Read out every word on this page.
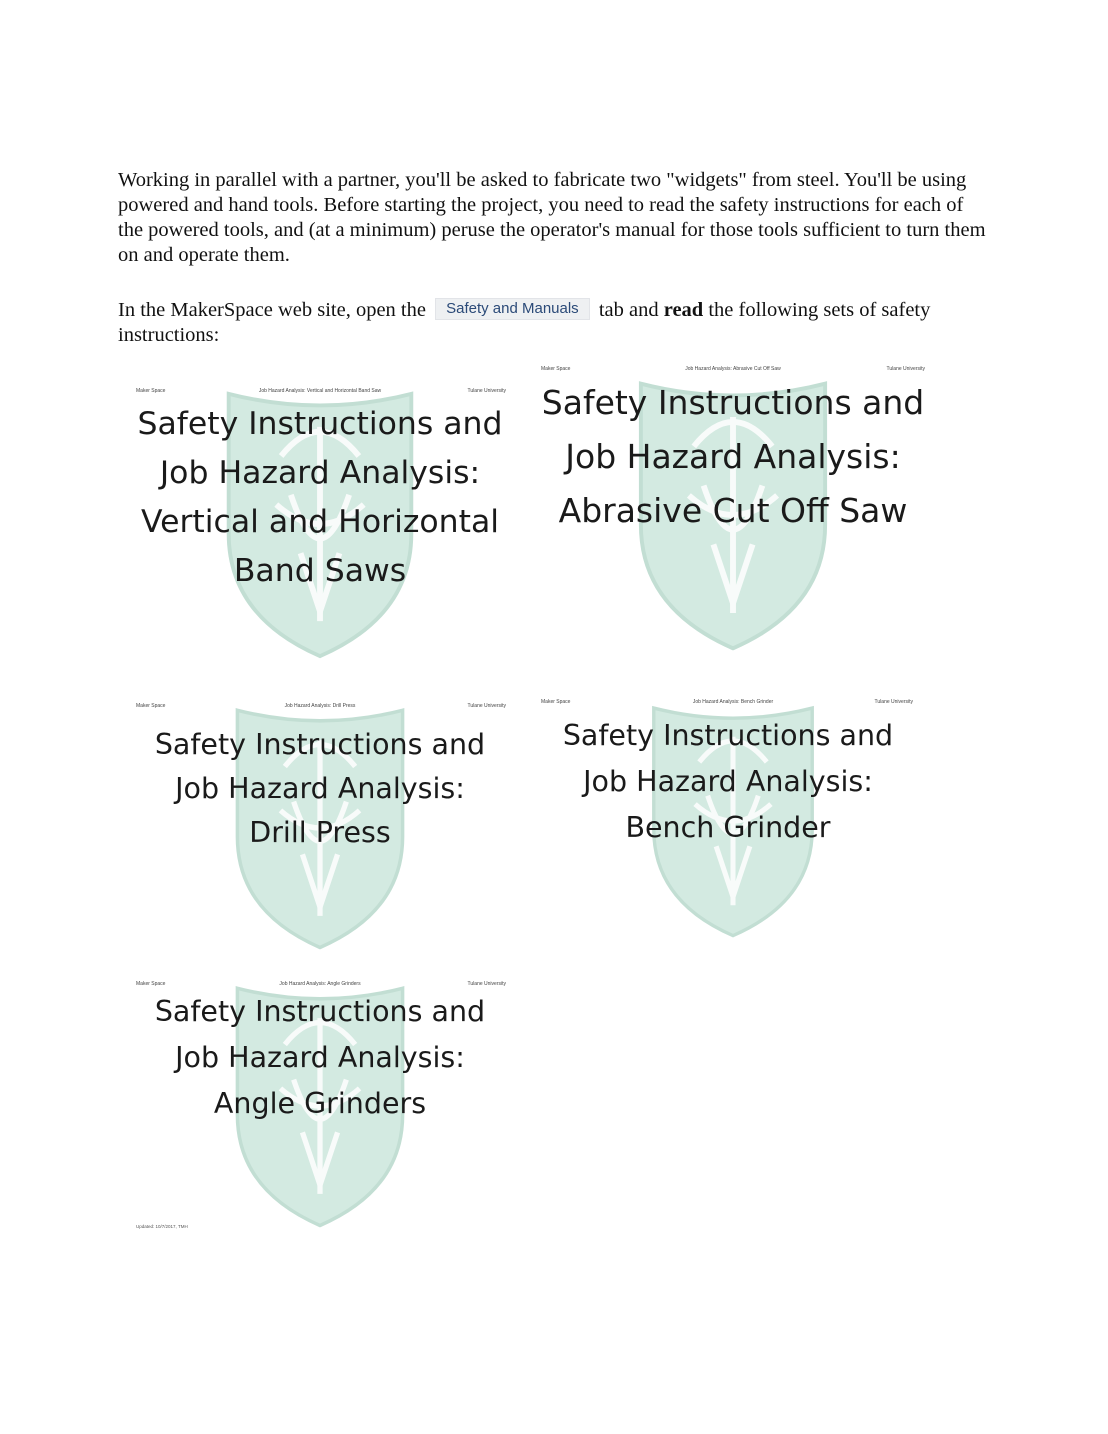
Working in parallel with a partner, you'll be asked to fabricate two "widgets" from steel. You'll be using powered and hand tools. Before starting the project, you need to read the safety instructions for each of the powered tools, and (at a minimum) peruse the operator's manual for those tools sufficient to turn them on and operate them.

In the MakerSpace web site, open the Safety and Manuals tab and read the following sets of safety instructions:

Maker Space	Job Hazard Analysis: Vertical and Horizontal Band Saw	Tulane University
Safety Instructions and
Job Hazard Analysis:
Vertical and Horizontal
Band Saws
Maker Space	Job Hazard Analysis: Abrasive Cut Off Saw	Tulane University
Safety Instructions and
Job Hazard Analysis:
Abrasive Cut Off Saw
Maker Space	Job Hazard Analysis: Drill Press	Tulane University
Safety Instructions and
Job Hazard Analysis:
Drill Press
Maker Space	Job Hazard Analysis: Bench Grinder	Tulane University
Safety Instructions and
Job Hazard Analysis:
Bench Grinder
Maker Space	Job Hazard Analysis: Angle Grinders	Tulane University
Safety Instructions and
Job Hazard Analysis:
Angle Grinders
Updated: 10/7/2017, TMH
